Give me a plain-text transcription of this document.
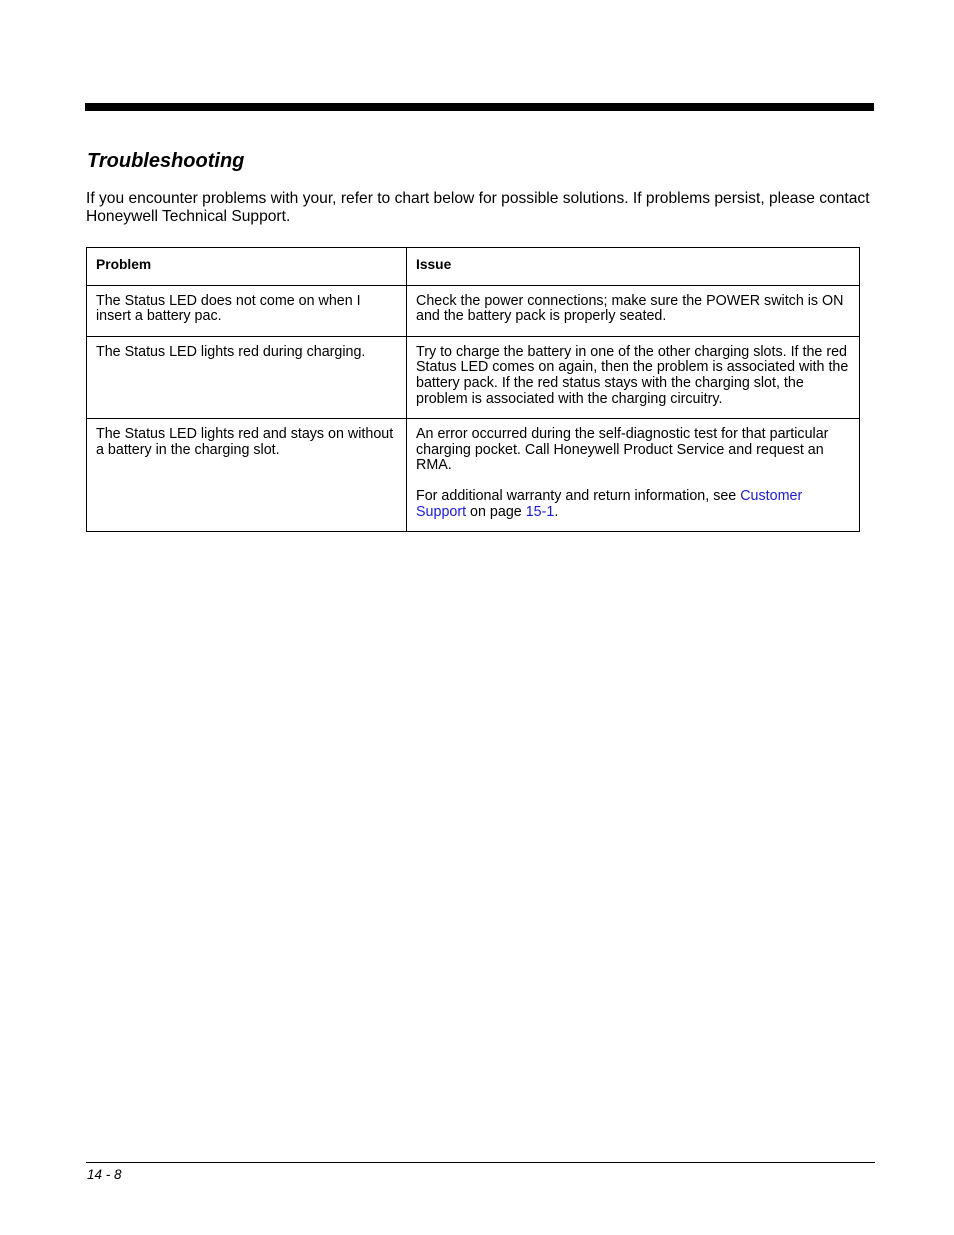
Troubleshooting

If you encounter problems with your, refer to chart below for possible solutions. If problems persist, please contact Honeywell Technical Support.

Problem	Issue
The Status LED does not come on when I insert a battery pac.	Check the power connections; make sure the POWER switch is ON and the battery pack is properly seated.
The Status LED lights red during charging.	Try to charge the battery in one of the other charging slots. If the red Status LED comes on again, then the problem is associated with the battery pack. If the red status stays with the charging slot, the problem is associated with the charging circuitry.
The Status LED lights red and stays on without a battery in the charging slot.	An error occurred during the self-diagnostic test for that particular charging pocket. Call Honeywell Product Service and request an RMA.
For additional warranty and return information, see Customer Support on page 15-1.
14 - 8
